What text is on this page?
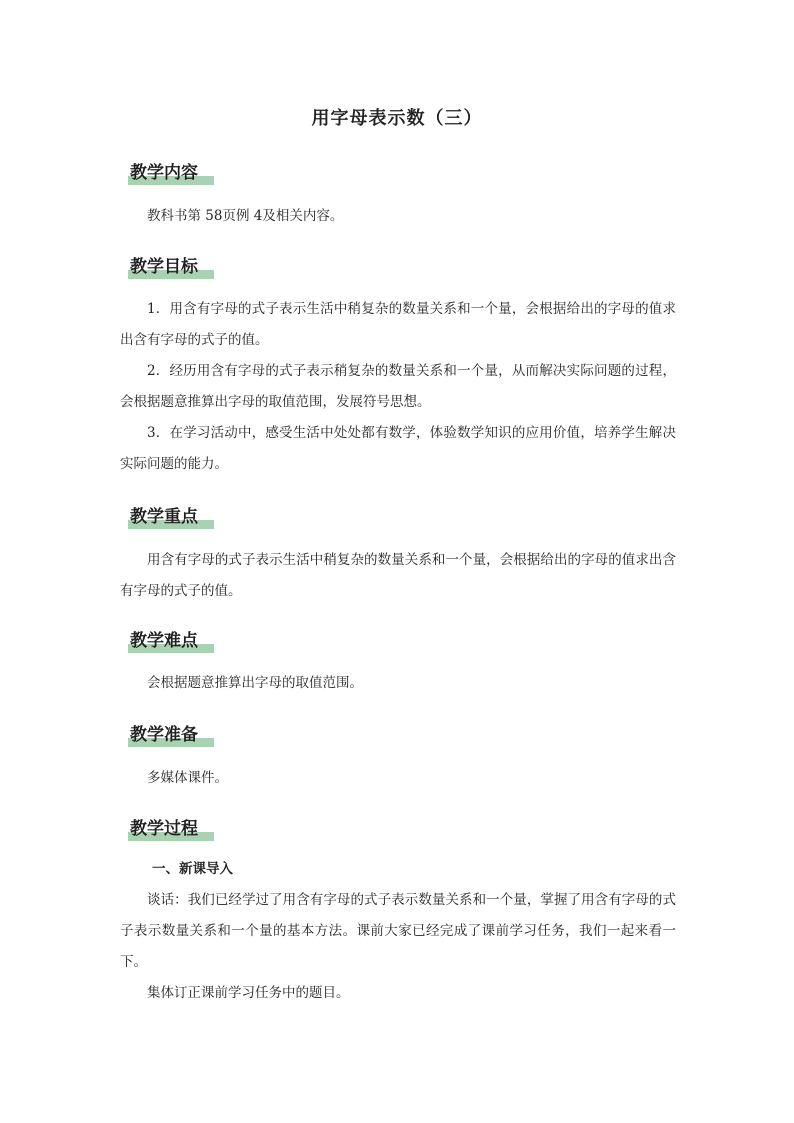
用字母表示数（三）
教学内容

教科书第 58页例 4及相关内容。

教学目标

1．用含有字母的式子表示生活中稍复杂的数量关系和一个量，会根据给出的字母的值求出含有字母的式子的值。

2．经历用含有字母的式子表示稍复杂的数量关系和一个量，从而解决实际问题的过程，会根据题意推算出字母的取值范围，发展符号思想。

3．在学习活动中，感受生活中处处都有数学，体验数学知识的应用价值，培养学生解决实际问题的能力。

教学重点

用含有字母的式子表示生活中稍复杂的数量关系和一个量，会根据给出的字母的值求出含有字母的式子的值。

教学难点

会根据题意推算出字母的取值范围。

教学准备

多媒体课件。

教学过程

一、新课导入

谈话：我们已经学过了用含有字母的式子表示数量关系和一个量，掌握了用含有字母的式子表示数量关系和一个量的基本方法。课前大家已经完成了课前学习任务，我们一起来看一下。

集体订正课前学习任务中的题目。
